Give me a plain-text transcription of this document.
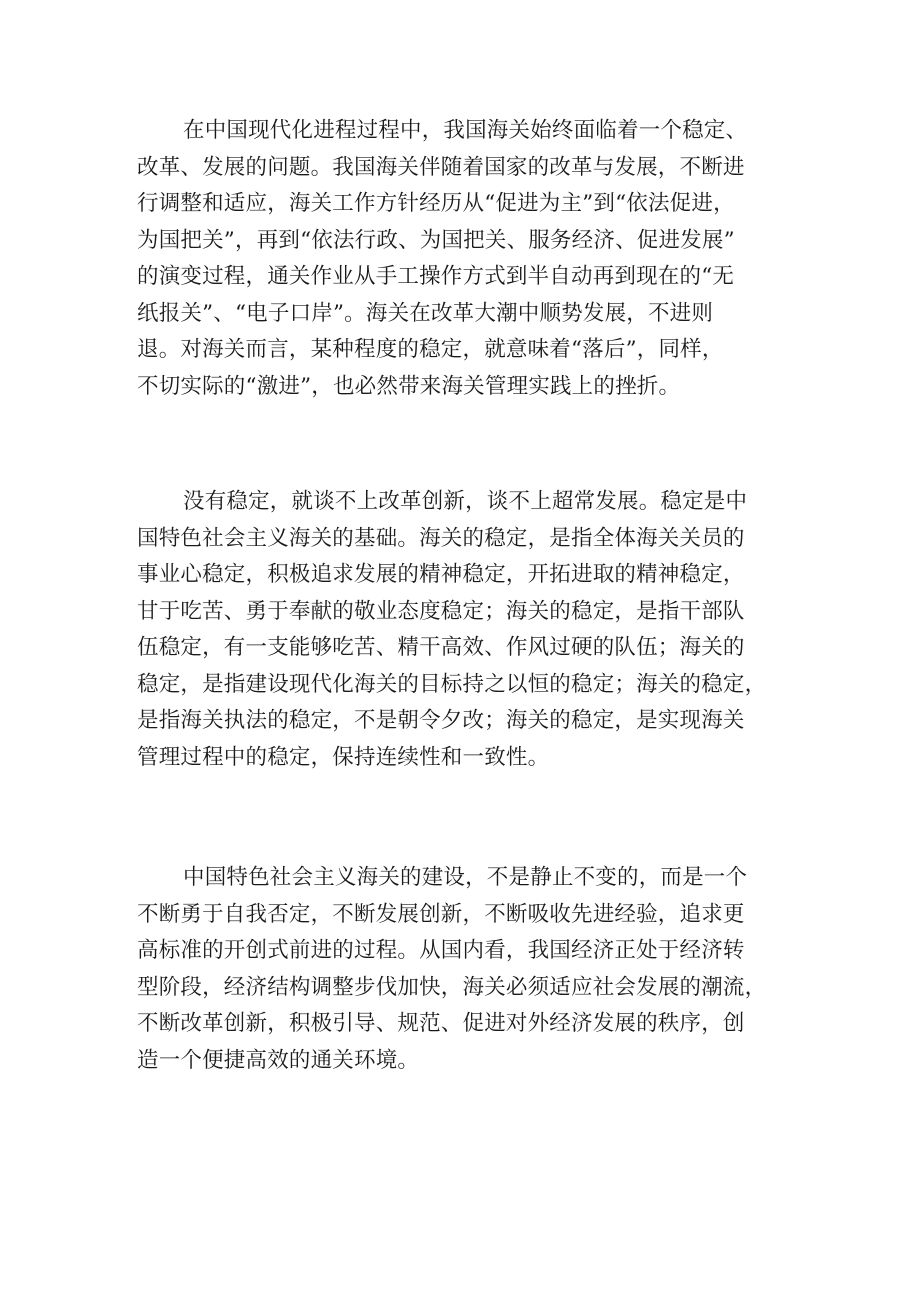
在中国现代化进程过程中，我国海关始终面临着一个稳定、
改革、发展的问题。我国海关伴随着国家的改革与发展，不断进
行调整和适应，海关工作方针经历从“促进为主”到“依法促进，
为国把关”，再到“依法行政、为国把关、服务经济、促进发展”
的演变过程，通关作业从手工操作方式到半自动再到现在的“无
纸报关”、“电子口岸”。海关在改革大潮中顺势发展，不进则
退。对海关而言，某种程度的稳定，就意味着“落后”，同样，
不切实际的“激进”，也必然带来海关管理实践上的挫折。
没有稳定，就谈不上改革创新，谈不上超常发展。稳定是中
国特色社会主义海关的基础。海关的稳定，是指全体海关关员的
事业心稳定，积极追求发展的精神稳定，开拓进取的精神稳定，
甘于吃苦、勇于奉献的敬业态度稳定；海关的稳定，是指干部队
伍稳定，有一支能够吃苦、精干高效、作风过硬的队伍；海关的
稳定，是指建设现代化海关的目标持之以恒的稳定；海关的稳定，
是指海关执法的稳定，不是朝令夕改；海关的稳定，是实现海关
管理过程中的稳定，保持连续性和一致性。
中国特色社会主义海关的建设，不是静止不变的，而是一个
不断勇于自我否定，不断发展创新，不断吸收先进经验，追求更
高标准的开创式前进的过程。从国内看，我国经济正处于经济转
型阶段，经济结构调整步伐加快，海关必须适应社会发展的潮流，
不断改革创新，积极引导、规范、促进对外经济发展的秩序，创
造一个便捷高效的通关环境。
